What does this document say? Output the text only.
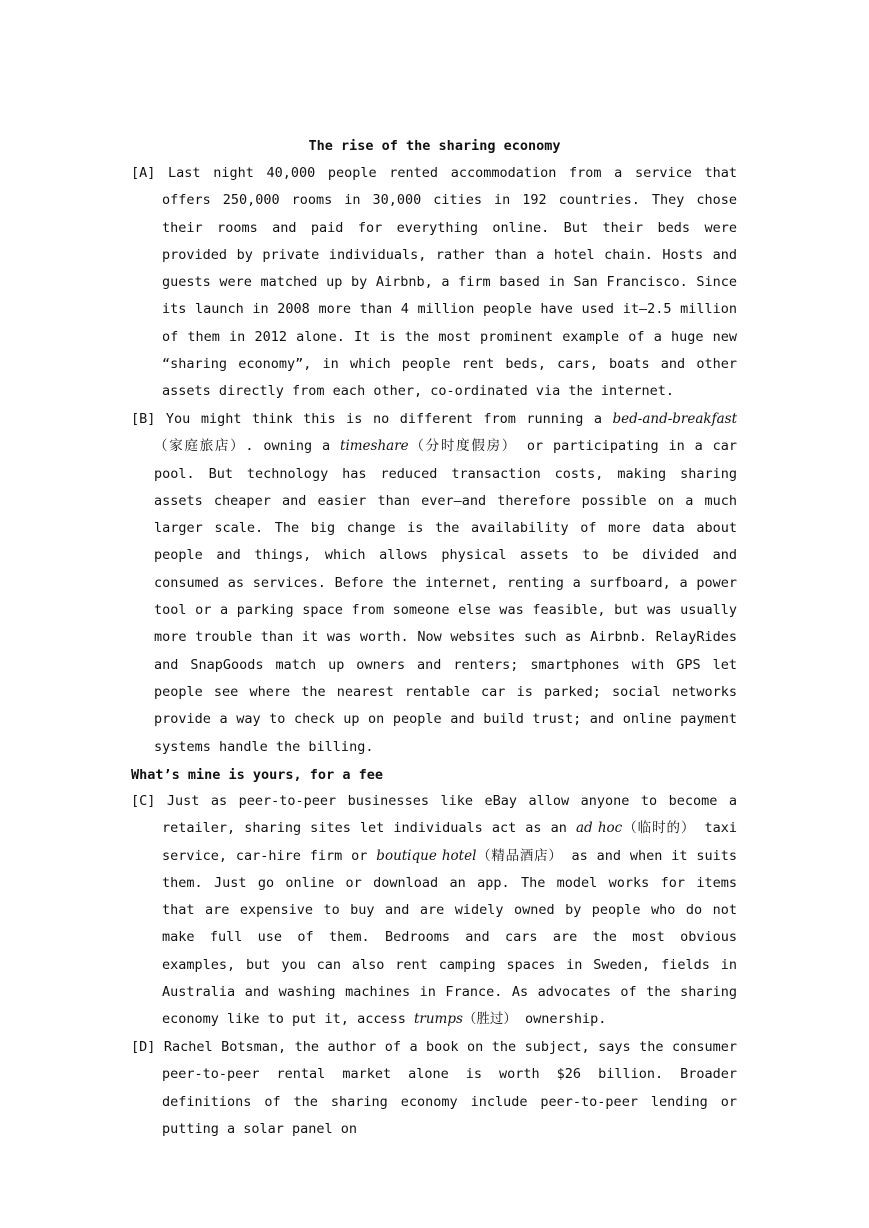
The rise of the sharing economy
[A] Last night 40,000 people rented accommodation from a service that offers 250,000 rooms in 30,000 cities in 192 countries. They chose their rooms and paid for everything online. But their beds were provided by private individuals, rather than a hotel chain. Hosts and guests were matched up by Airbnb, a firm based in San Francisco. Since its launch in 2008 more than 4 million people have used it—2.5 million of them in 2012 alone. It is the most prominent example of a huge new “sharing economy”, in which people rent beds, cars, boats and other assets directly from each other, co-ordinated via the internet.
[B] You might think this is no different from running a bed-and-breakfast（家庭旅店）. owning a timeshare（分时度假房） or participating in a car pool. But technology has reduced transaction costs, making sharing assets cheaper and easier than ever—and therefore possible on a much larger scale. The big change is the availability of more data about people and things, which allows physical assets to be divided and consumed as services. Before the internet, renting a surfboard, a power tool or a parking space from someone else was feasible, but was usually more trouble than it was worth. Now websites such as Airbnb. RelayRides and SnapGoods match up owners and renters; smartphones with GPS let people see where the nearest rentable car is parked; social networks provide a way to check up on people and build trust; and online payment systems handle the billing.
What’s mine is yours, for a fee
[C] Just as peer-to-peer businesses like eBay allow anyone to become a retailer, sharing sites let individuals act as an ad hoc（临时的） taxi service, car-hire firm or boutique hotel（精品酒店） as and when it suits them. Just go online or download an app. The model works for items that are expensive to buy and are widely owned by people who do not make full use of them. Bedrooms and cars are the most obvious examples, but you can also rent camping spaces in Sweden, fields in Australia and washing machines in France. As advocates of the sharing economy like to put it, access trumps（胜过） ownership.
[D] Rachel Botsman, the author of a book on the subject, says the consumer peer-to-peer rental market alone is worth $26 billion. Broader definitions of the sharing economy include peer-to-peer lending or putting a solar panel on
